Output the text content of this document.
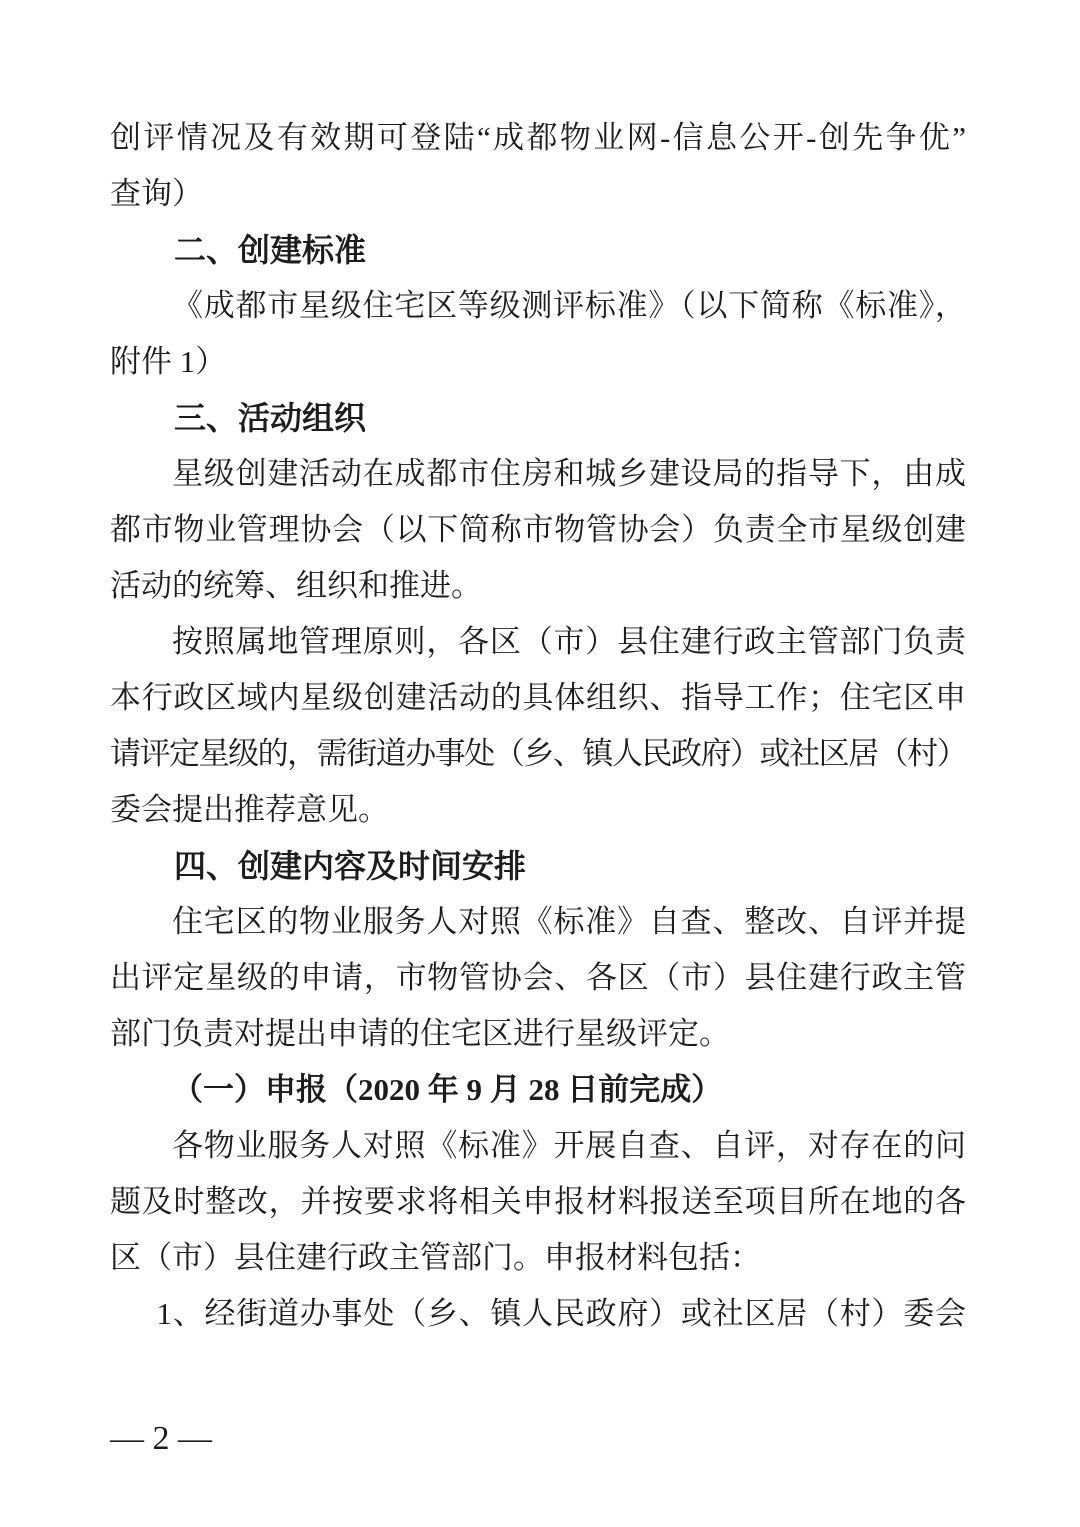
创评情况及有效期可登陆“成都物业网-信息公开-创先争优”
查询）
二、创建标准
《成都市星级住宅区等级测评标准》（以下简称《标准》，
附件 1）
三、活动组织
星级创建活动在成都市住房和城乡建设局的指导下，由成
都市物业管理协会（以下简称市物管协会）负责全市星级创建
活动的统筹、组织和推进。
按照属地管理原则，各区（市）县住建行政主管部门负责
本行政区域内星级创建活动的具体组织、指导工作；住宅区申
请评定星级的，需街道办事处（乡、镇人民政府）或社区居（村）
委会提出推荐意见。
四、创建内容及时间安排
住宅区的物业服务人对照《标准》自查、整改、自评并提
出评定星级的申请，市物管协会、各区（市）县住建行政主管
部门负责对提出申请的住宅区进行星级评定。
（一）申报（2020 年 9 月 28 日前完成）
各物业服务人对照《标准》开展自查、自评，对存在的问
题及时整改，并按要求将相关申报材料报送至项目所在地的各
区（市）县住建行政主管部门。申报材料包括：
1、经街道办事处（乡、镇人民政府）或社区居（村）委会
— 2 —
